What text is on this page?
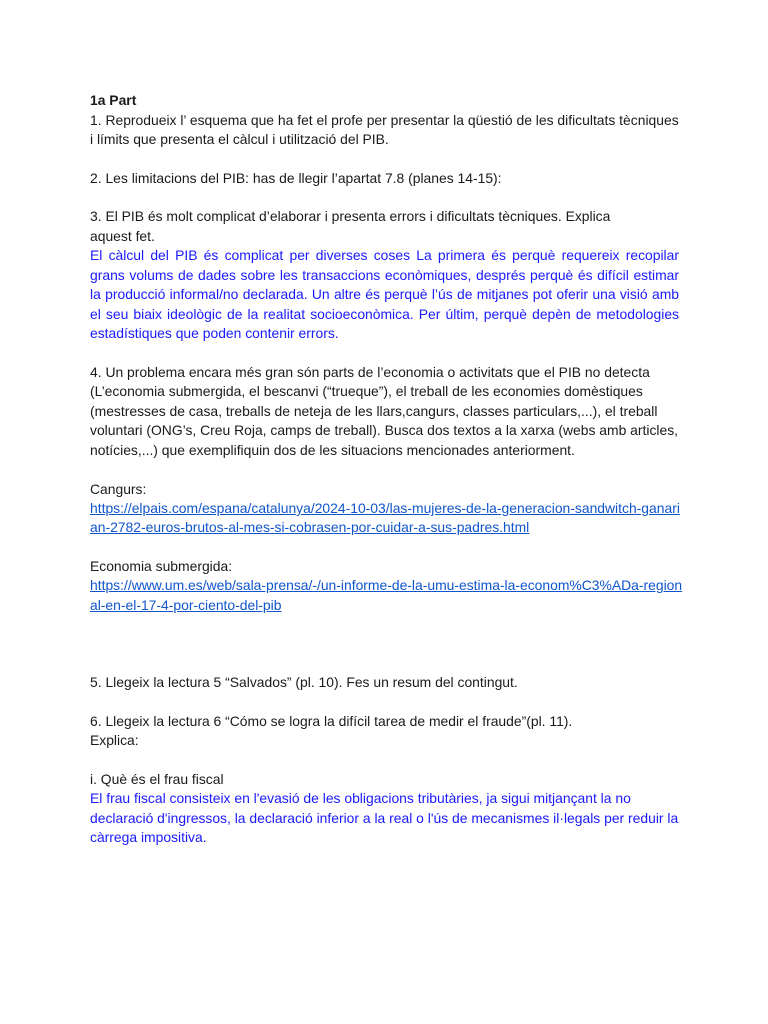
1a Part
1. Reprodueix l’ esquema que ha fet el profe per presentar la qüestió de les dificultats tècniques
i límits que presenta el càlcul i utilització del PIB.
2. Les limitacions del PIB: has de llegir l’apartat 7.8 (planes 14-15):
3. El PIB és molt complicat d’elaborar i presenta errors i dificultats tècniques. Explica
aquest fet.
El càlcul del PIB és complicat per diverses coses La primera és perquè requereix recopilar
grans volums de dades sobre les transaccions econòmiques, després perquè és difícil estimar
la producció informal/no declarada. Un altre és perquè l’ús de mitjanes pot oferir una visió amb
el seu biaix ideològic de la realitat socioeconòmica. Per últim, perquè depèn de metodologies
estadístiques que poden contenir errors.
4. Un problema encara més gran són parts de l’economia o activitats que el PIB no detecta
(L’economia submergida, el bescanvi (“trueque”), el treball de les economies domèstiques
(mestresses de casa, treballs de neteja de les llars,cangurs, classes particulars,...), el treball
voluntari (ONG’s, Creu Roja, camps de treball). Busca dos textos a la xarxa (webs amb articles,
notícies,...) que exemplifiquin dos de les situacions mencionades anteriorment.
Cangurs:
https://elpais.com/espana/catalunya/2024-10-03/las-mujeres-de-la-generacion-sandwitch-ganari
an-2782-euros-brutos-al-mes-si-cobrasen-por-cuidar-a-sus-padres.html
Economia submergida:
https://www.um.es/web/sala-prensa/-/un-informe-de-la-umu-estima-la-econom%C3%ADa-region
al-en-el-17-4-por-ciento-del-pib
5. Llegeix la lectura 5 “Salvados” (pl. 10). Fes un resum del contingut.
6. Llegeix la lectura 6 “Cómo se logra la difícil tarea de medir el fraude”(pl. 11).
Explica:
i. Què és el frau fiscal
El frau fiscal consisteix en l'evasió de les obligacions tributàries, ja sigui mitjançant la no
declaració d'ingressos, la declaració inferior a la real o l'ús de mecanismes il·legals per reduir la
càrrega impositiva.
